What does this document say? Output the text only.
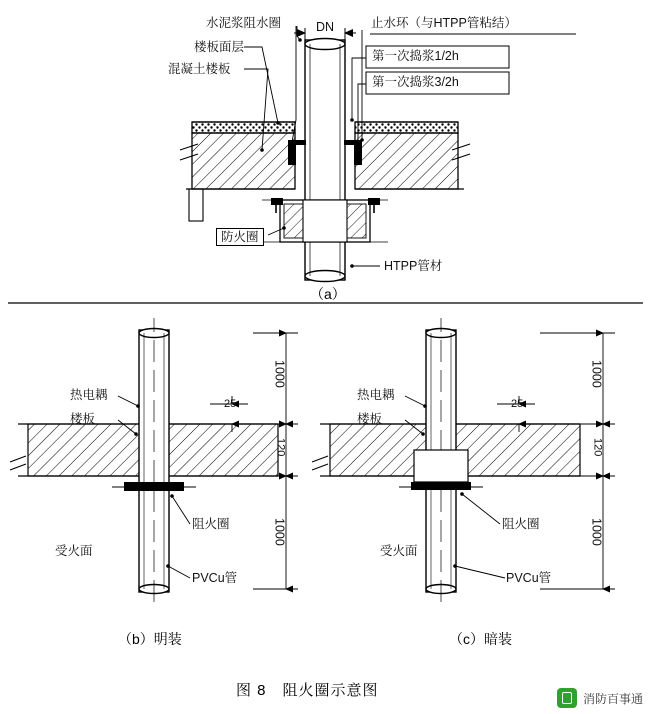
水泥浆阻水圈
楼板面层
混凝土楼板
DN	止水环（与HTPP管粘结）
第一次捣浆1/2h
第一次捣浆3/2h
防火圈
HTPP管材
（a）
热电耦
楼板
25
1000
120
1000
阻火圈
受火面
PVCu管
（b）明装
热电耦
楼板
25
1000
120
1000
阻火圈
受火面
PVCu管
（c）暗装
图 8　阻火圈示意图	消防百事通
